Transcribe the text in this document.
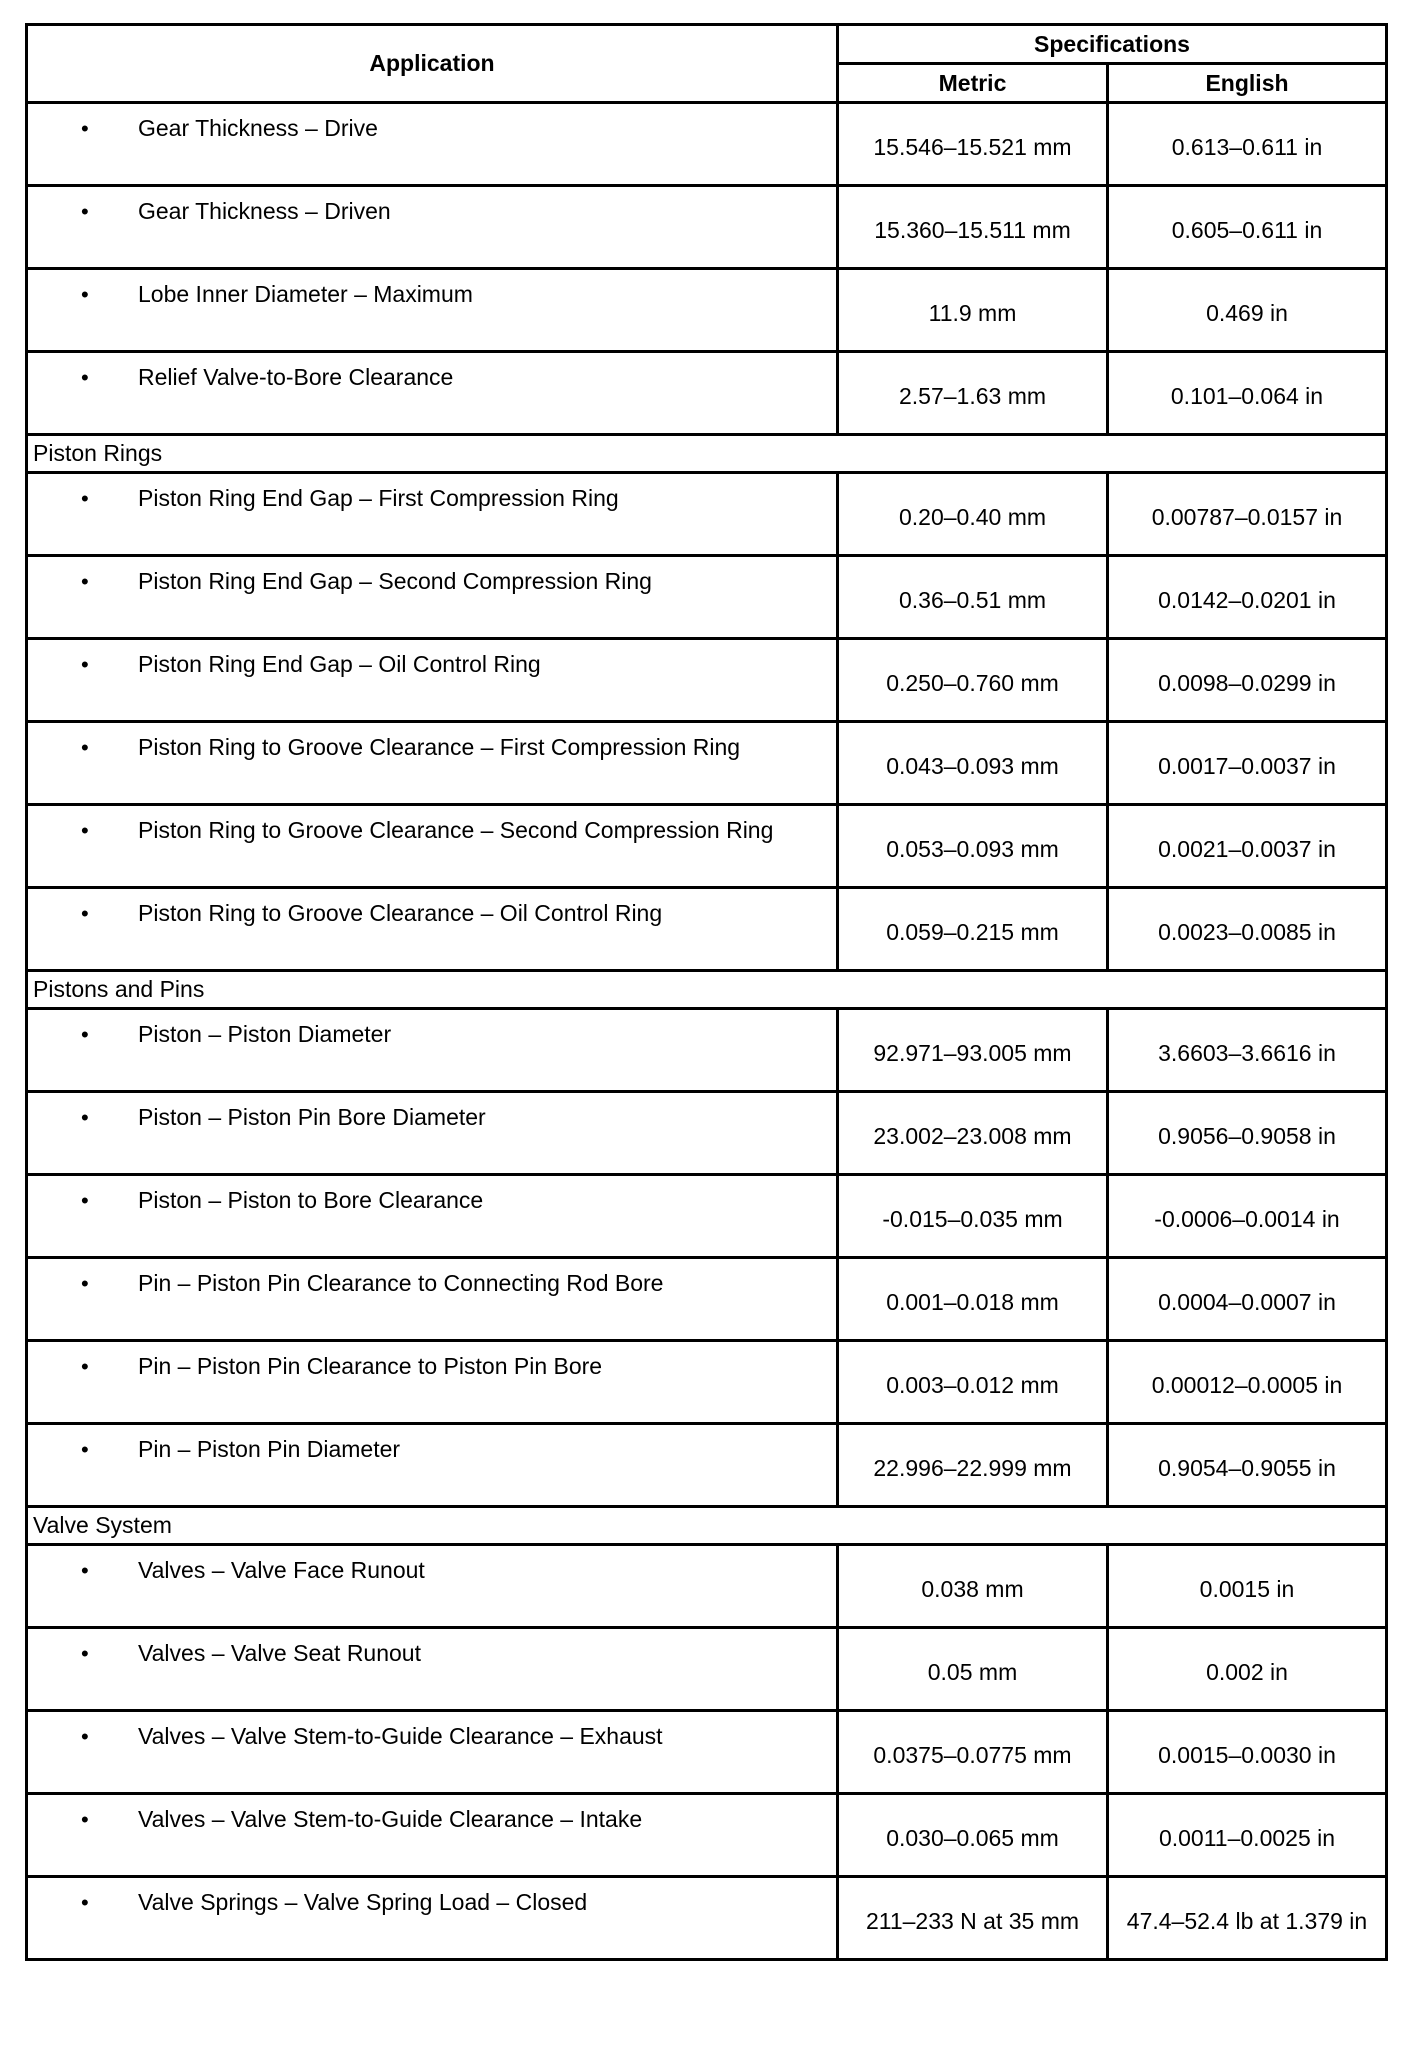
Application	Specifications	
	Metric	English
• Gear Thickness – Drive	15.546–15.521 mm	0.613–0.611 in
• Gear Thickness – Driven	15.360–15.511 mm	0.605–0.611 in
• Lobe Inner Diameter – Maximum	11.9 mm	0.469 in
• Relief Valve-to-Bore Clearance	2.57–1.63 mm	0.101–0.064 in
Piston Rings		
• Piston Ring End Gap – First Compression Ring	0.20–0.40 mm	0.00787–0.0157 in
• Piston Ring End Gap – Second Compression Ring	0.36–0.51 mm	0.0142–0.0201 in
• Piston Ring End Gap – Oil Control Ring	0.250–0.760 mm	0.0098–0.0299 in
• Piston Ring to Groove Clearance – First Compression Ring	0.043–0.093 mm	0.0017–0.0037 in
• Piston Ring to Groove Clearance – Second Compression Ring	0.053–0.093 mm	0.0021–0.0037 in
• Piston Ring to Groove Clearance – Oil Control Ring	0.059–0.215 mm	0.0023–0.0085 in
Pistons and Pins		
• Piston – Piston Diameter	92.971–93.005 mm	3.6603–3.6616 in
• Piston – Piston Pin Bore Diameter	23.002–23.008 mm	0.9056–0.9058 in
• Piston – Piston to Bore Clearance	-0.015–0.035 mm	-0.0006–0.0014 in
• Pin – Piston Pin Clearance to Connecting Rod Bore	0.001–0.018 mm	0.0004–0.0007 in
• Pin – Piston Pin Clearance to Piston Pin Bore	0.003–0.012 mm	0.00012–0.0005 in
• Pin – Piston Pin Diameter	22.996–22.999 mm	0.9054–0.9055 in
Valve System		
• Valves – Valve Face Runout	0.038 mm	0.0015 in
• Valves – Valve Seat Runout	0.05 mm	0.002 in
• Valves – Valve Stem-to-Guide Clearance – Exhaust	0.0375–0.0775 mm	0.0015–0.0030 in
• Valves – Valve Stem-to-Guide Clearance – Intake	0.030–0.065 mm	0.0011–0.0025 in
• Valve Springs – Valve Spring Load – Closed	211–233 N at 35 mm	47.4–52.4 lb at 1.379 in
